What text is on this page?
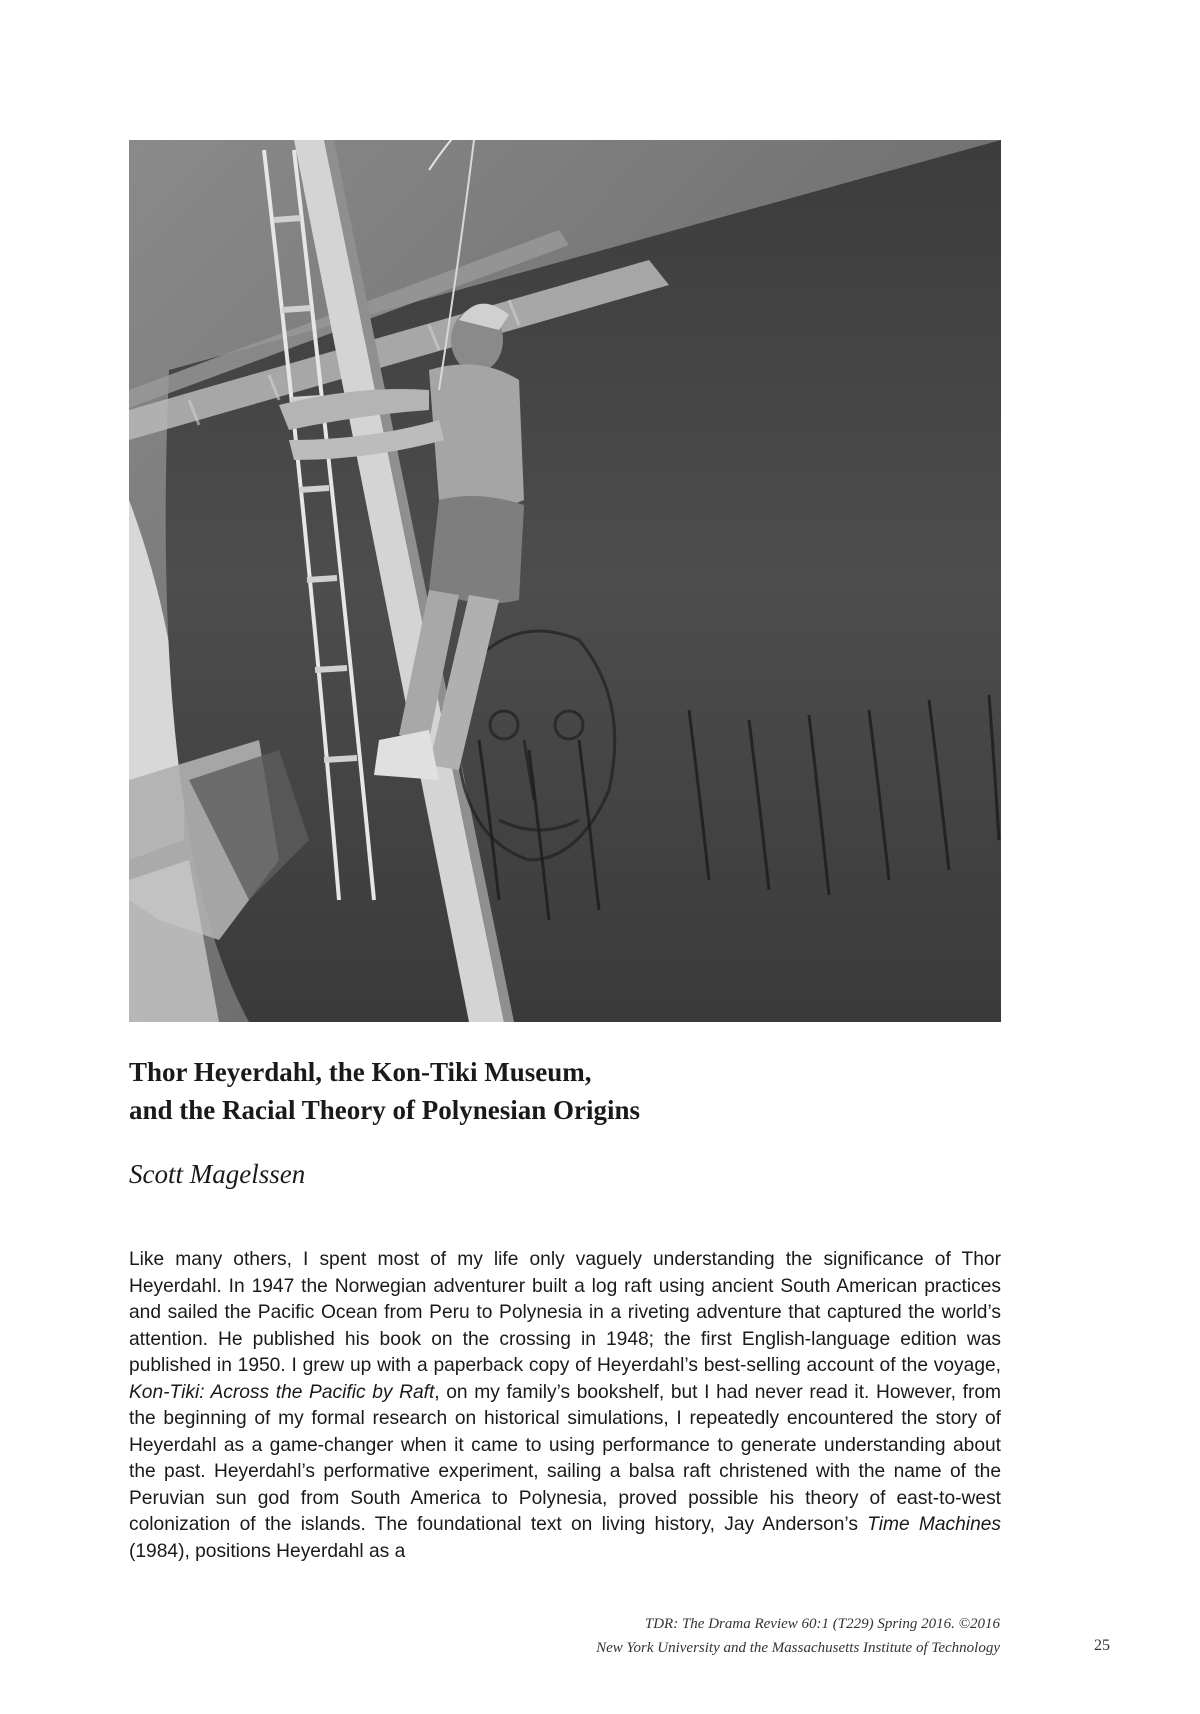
Thor Heyerdahl, the Kon-Tiki Museum,
and the Racial Theory of Polynesian Origins
Scott Magelssen

Like many others, I spent most of my life only vaguely understanding the significance of Thor Heyerdahl. In 1947 the Norwegian adventurer built a log raft using ancient South American practices and sailed the Pacific Ocean from Peru to Polynesia in a riveting adventure that captured the world’s attention. He published his book on the crossing in 1948; the first English-language edition was published in 1950. I grew up with a paperback copy of Heyerdahl’s best-selling account of the voyage, Kon-Tiki: Across the Pacific by Raft, on my family’s bookshelf, but I had never read it. However, from the beginning of my formal research on historical simulations, I repeatedly encountered the story of Heyerdahl as a game-changer when it came to using performance to generate understanding about the past. Heyerdahl’s performative experiment, sailing a balsa raft christened with the name of the Peruvian sun god from South America to Polynesia, proved possible his theory of east-to-west colonization of the islands. The foundational text on living history, Jay Anderson’s Time Machines (1984), positions Heyerdahl as a

TDR: The Drama Review 60:1 (T229) Spring 2016. ©2016
New York University and the Massachusetts Institute of Technology	25
